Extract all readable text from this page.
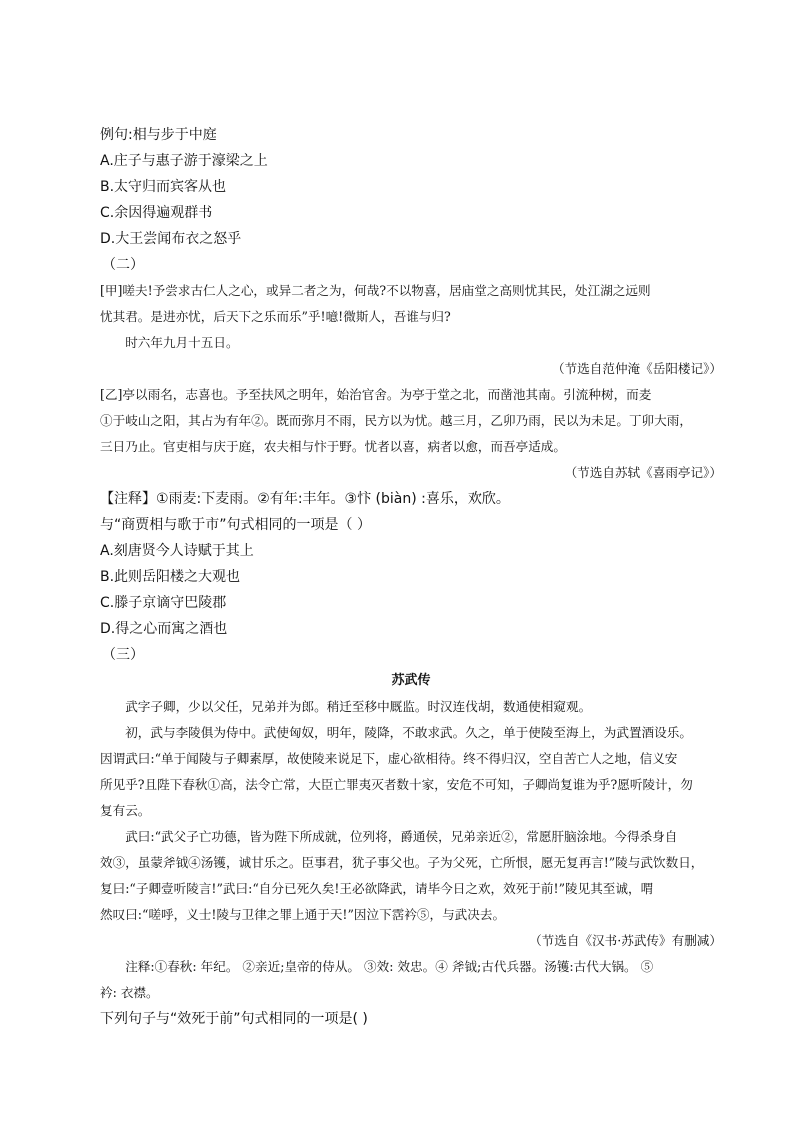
例句:相与步于中庭
A.庄子与惠子游于濠梁之上
B.太守归而宾客从也
C.余因得遍观群书
D.大王尝闻布衣之怒乎
（二）
[甲]嗟夫!予尝求古仁人之心，或异二者之为，何哉?不以物喜，居庙堂之高则忧其民，处江湖之远则
忧其君。是进亦忧，后天下之乐而乐”乎!噫!微斯人，吾谁与归?
时六年九月十五日。
（节选自范仲淹《岳阳楼记》）
[乙]亭以雨名，志喜也。予至扶风之明年，始治官舍。为亭于堂之北，而凿池其南。引流种树，而麦
①于岐山之阳，其占为有年②。既而弥月不雨，民方以为忧。越三月，乙卯乃雨，民以为未足。丁卯大雨，
三日乃止。官吏相与庆于庭，农夫相与忭于野。忧者以喜，病者以愈，而吾亭适成。
（节选自苏轼《喜雨亭记》）
【注释】①雨麦:下麦雨。②有年:丰年。③忭 (biàn) :喜乐，欢欣。
与“商贾相与歌于市”句式相同的一项是（ ）
A.刻唐贤今人诗赋于其上
B.此则岳阳楼之大观也
C.滕子京谪守巴陵郡
D.得之心而寓之酒也
（三）
苏武传
武字子卿，少以父任，兄弟并为郎。稍迁至移中厩监。时汉连伐胡，数通使相窥观。
初，武与李陵俱为侍中。武使匈奴，明年，陵降，不敢求武。久之，单于使陵至海上，为武置酒设乐。
因谓武曰:“单于闻陵与子卿素厚，故使陵来说足下，虚心欲相待。终不得归汉，空自苦亡人之地，信义安
所见乎?且陛下春秋①高，法令亡常，大臣亡罪夷灭者数十家，安危不可知，子卿尚复谁为乎?愿听陵计，勿
复有云。
武曰:“武父子亡功德，皆为陛下所成就，位列将，爵通侯，兄弟亲近②，常愿肝脑涂地。今得杀身自
效③，虽蒙斧钺④汤镬，诚甘乐之。臣事君，犹子事父也。子为父死，亡所恨，愿无复再言!”陵与武饮数日，
复曰:“子卿壹听陵言!”武曰:“自分已死久矣!王必欲降武，请毕今日之欢，效死于前!”陵见其至诚，喟
然叹曰:“嗟呼，义士!陵与卫律之罪上通于天!”因泣下霑衿⑤，与武决去。
（节选自《汉书·苏武传》有删减）
注释:①春秋: 年纪。 ②亲近;皇帝的侍从。 ③效: 效忠。④ 斧钺;古代兵器。汤镬:古代大锅。 ⑤
衿: 衣襟。
下列句子与“效死于前”句式相同的一项是( )
